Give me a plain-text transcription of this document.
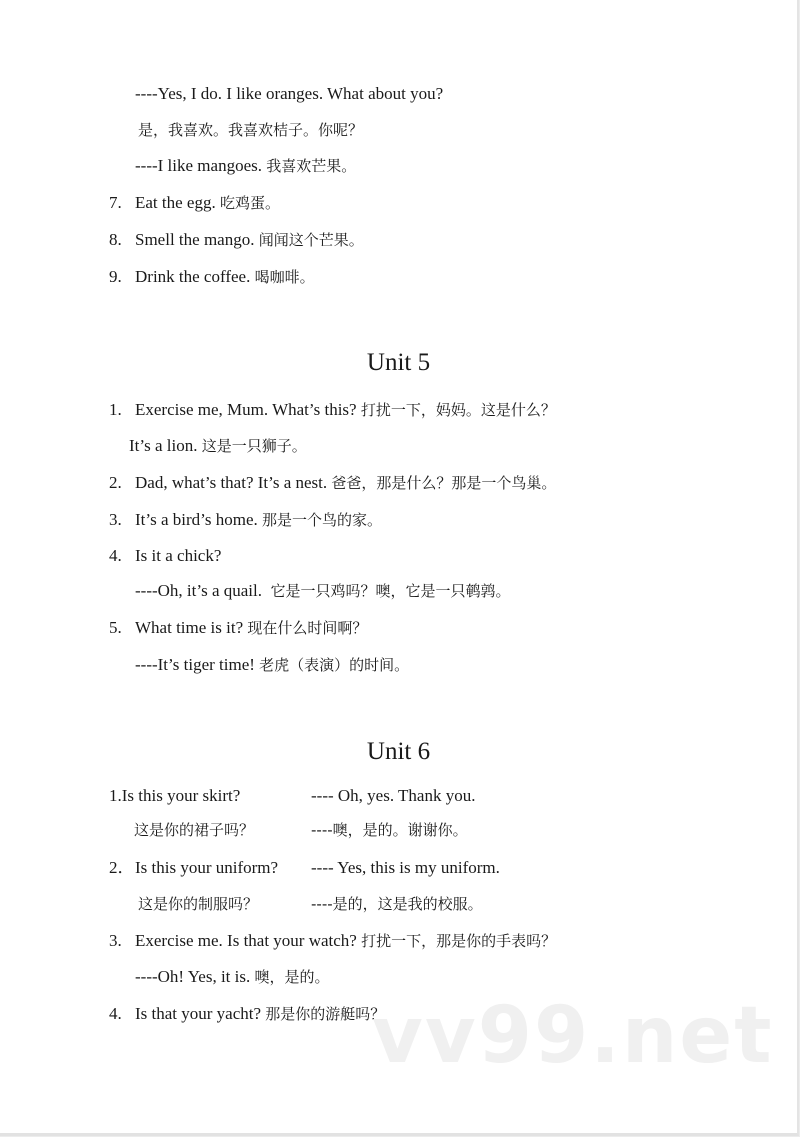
----Yes, I do. I like oranges. What about you?
是，我喜欢。我喜欢桔子。你呢？
----I like mangoes. 我喜欢芒果。
7. Eat the egg. 吃鸡蛋。
8. Smell the mango. 闻闻这个芒果。
9. Drink the coffee. 喝咖啡。
Unit 5
1. Exercise me, Mum. What’s this? 打扰一下，妈妈。这是什么？
It’s a lion. 这是一只狮子。
2. Dad, what’s that? It’s a nest. 爸爸，那是什么？那是一个鸟巢。
3. It’s a bird’s home. 那是一个鸟的家。
4. Is it a chick?
----Oh, it’s a quail. 它是一只鸡吗？噢，它是一只鹌鹑。
5. What time is it? 现在什么时间啊？
----It’s tiger time! 老虎（表演）的时间。
Unit 6
1.Is this your skirt?	---- Oh, yes. Thank you.
这是你的裙子吗？	----噢，是的。谢谢你。
2．Is this your uniform? ---- Yes, this is my uniform.
这是你的制服吗？	----是的，这是我的校服。
3. Exercise me. Is that your watch? 打扰一下，那是你的手表吗？
----Oh! Yes, it is. 噢，是的。
4. Is that your yacht? 那是你的游艇吗？
vv99.net
